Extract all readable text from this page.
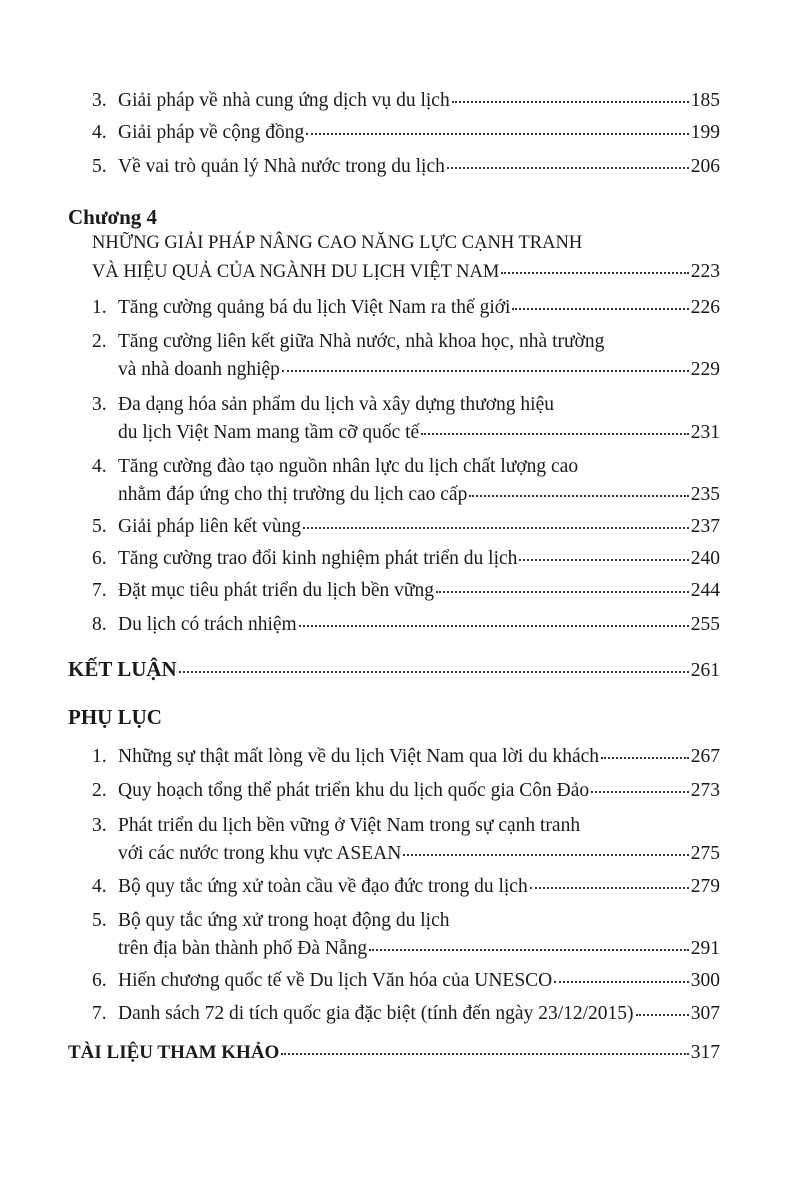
3. Giải pháp về nhà cung ứng dịch vụ du lịch	185
4. Giải pháp về cộng đồng	199
5. Về vai trò quản lý Nhà nước trong du lịch	206
Chương 4
NHỮNG GIẢI PHÁP NÂNG CAO NĂNG LỰC CẠNH TRANH
VÀ HIỆU QUẢ CỦA NGÀNH DU LỊCH VIỆT NAM	223
1. Tăng cường quảng bá du lịch Việt Nam ra thế giới	226
2. Tăng cường liên kết giữa Nhà nước, nhà khoa học, nhà trường
và nhà doanh nghiệp	229
3. Đa dạng hóa sản phẩm du lịch và xây dựng thương hiệu
du lịch Việt Nam mang tầm cỡ quốc tế	231
4. Tăng cường đào tạo nguồn nhân lực du lịch chất lượng cao
nhằm đáp ứng cho thị trường du lịch cao cấp	235
5. Giải pháp liên kết vùng	237
6. Tăng cường trao đổi kinh nghiệm phát triển du lịch	240
7. Đặt mục tiêu phát triển du lịch bền vững	244
8. Du lịch có trách nhiệm	255
KẾT LUẬN	261
PHỤ LỤC
1. Những sự thật mất lòng về du lịch Việt Nam qua lời du khách	267
2. Quy hoạch tổng thể phát triển khu du lịch quốc gia Côn Đảo	273
3. Phát triển du lịch bền vững ở Việt Nam trong sự cạnh tranh
với các nước trong khu vực ASEAN	275
4. Bộ quy tắc ứng xử toàn cầu về đạo đức trong du lịch	279
5. Bộ quy tắc ứng xử trong hoạt động du lịch
trên địa bàn thành phố Đà Nẵng	291
6. Hiến chương quốc tế về Du lịch Văn hóa của UNESCO	300
7. Danh sách 72 di tích quốc gia đặc biệt (tính đến ngày 23/12/2015)	307
TÀI LIỆU THAM KHẢO	317
